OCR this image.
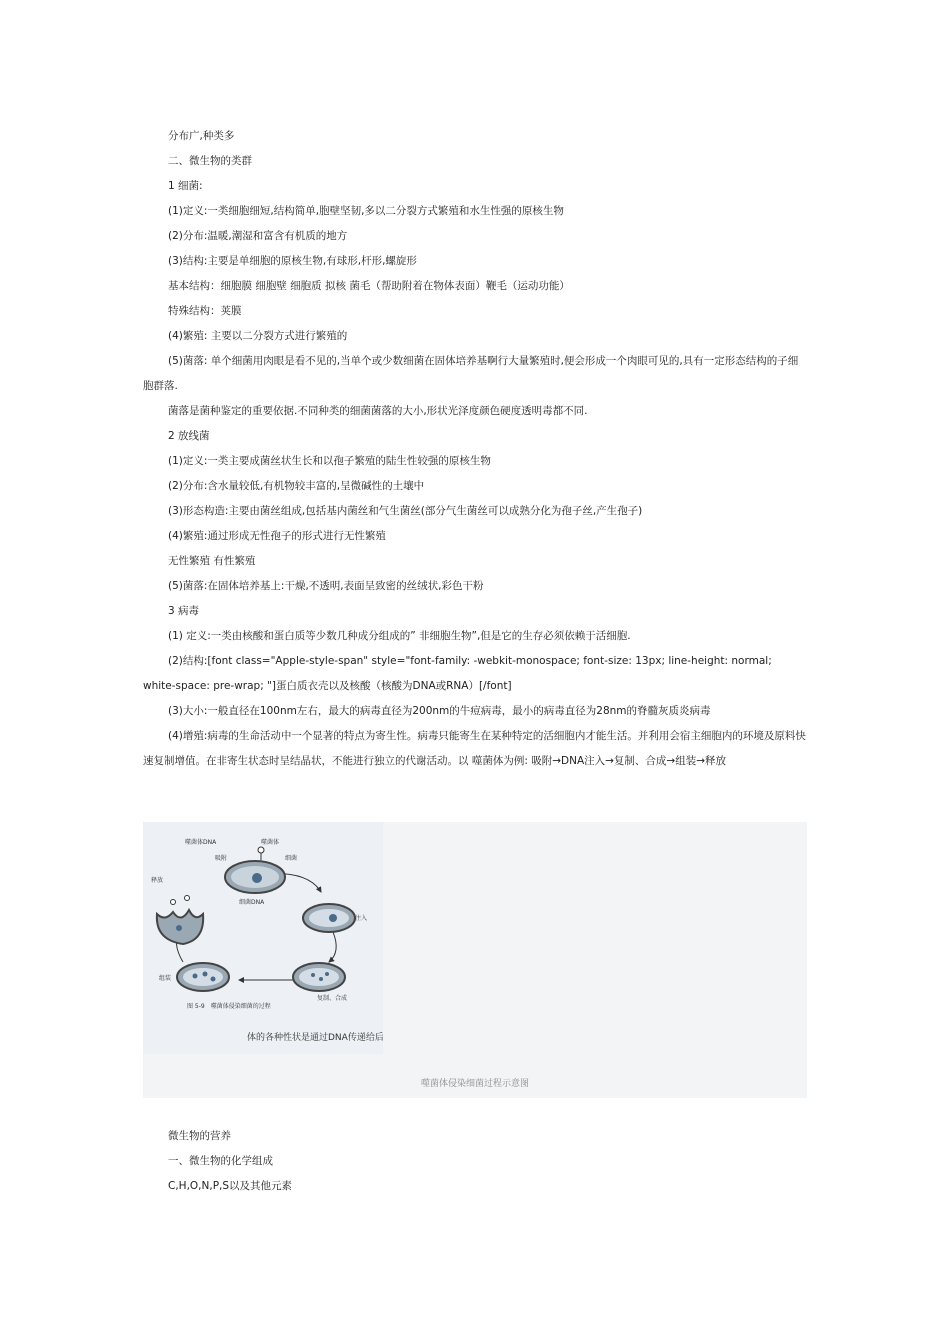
分布广,种类多

二、微生物的类群

1 细菌:

(1)定义:一类细胞细短,结构简单,胞壁坚韧,多以二分裂方式繁殖和水生性强的原核生物

(2)分布:温暖,潮湿和富含有机质的地方

(3)结构:主要是单细胞的原核生物,有球形,杆形,螺旋形

基本结构：细胞膜 细胞壁 细胞质 拟核 菌毛（帮助附着在物体表面）鞭毛（运动功能）

特殊结构：荚膜

(4)繁殖: 主要以二分裂方式进行繁殖的

(5)菌落: 单个细菌用肉眼是看不见的,当单个或少数细菌在固体培养基啊行大量繁殖时,便会形成一个肉眼可见的,具有一定形态结构的子细胞群落.

菌落是菌种鉴定的重要依据.不同种类的细菌菌落的大小,形状光泽度颜色硬度透明毒都不同.

2 放线菌

(1)定义:一类主要成菌丝状生长和以孢子繁殖的陆生性较强的原核生物

(2)分布:含水量较低,有机物较丰富的,呈微碱性的土壤中

(3)形态构造:主要由菌丝组成,包括基内菌丝和气生菌丝(部分气生菌丝可以成熟分化为孢子丝,产生孢子)

(4)繁殖:通过形成无性孢子的形式进行无性繁殖

无性繁殖 有性繁殖

(5)菌落:在固体培养基上:干燥,不透明,表面呈致密的丝绒状,彩色干粉

3 病毒

(1) 定义:一类由核酸和蛋白质等少数几种成分组成的” 非细胞生物”,但是它的生存必须依赖于活细胞.

(2)结构:[font class="Apple-style-span" style="font-family: -webkit-monospace; font-size: 13px; line-height: normal; white-space: pre-wrap; "]蛋白质衣壳以及核酸（核酸为DNA或RNA）[/font]

(3)大小:一般直径在100nm左右，最大的病毒直径为200nm的牛痘病毒，最小的病毒直径为28nm的脊髓灰质炎病毒

(4)增殖:病毒的生命活动中一个显著的特点为寄生性。病毒只能寄生在某种特定的活细胞内才能生活。并利用会宿主细胞内的环境及原料快速复制增值。在非寄生状态时呈结晶状，不能进行独立的代谢活动。以 噬菌体为例: 吸附→DNA注入→复制、合成→组装→释放

噬菌体DNA	噬菌体
吸附	细菌
释放
细菌DNA
注入
组装
复制、合成
图 5-9　噬菌体侵染细菌的过程
体的各种性状是通过DNA传递给后代
噬菌体侵染细菌过程示意图

微生物的营养

一、微生物的化学组成

C,H,O,N,P,S以及其他元素
